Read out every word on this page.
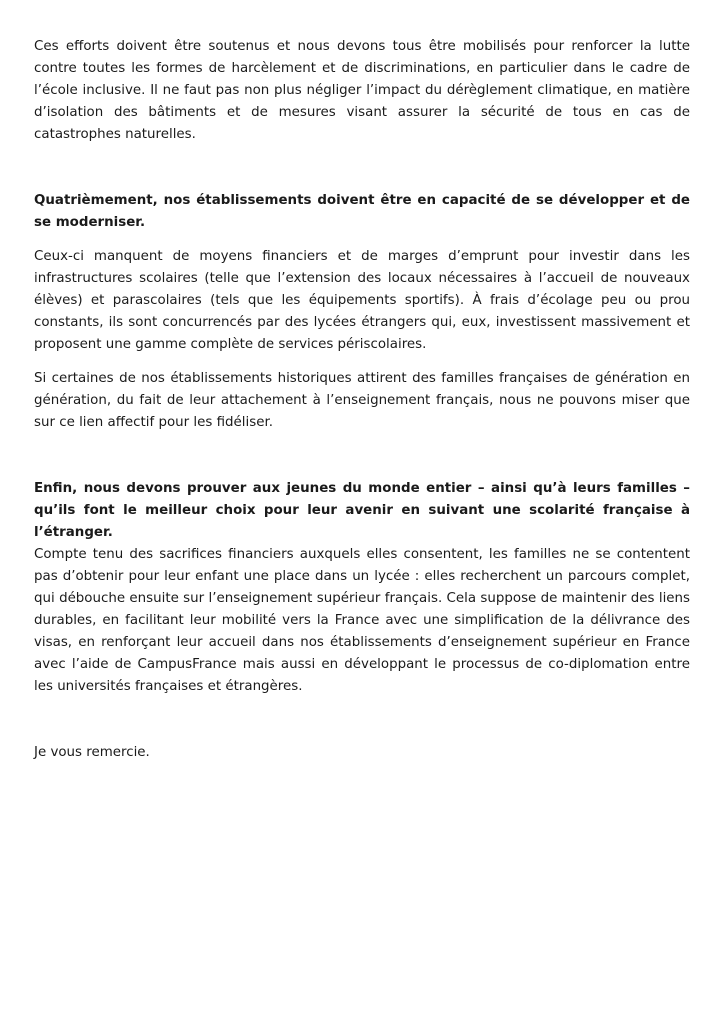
Ces efforts doivent être soutenus et nous devons tous être mobilisés pour renforcer la lutte contre toutes les formes de harcèlement et de discriminations, en particulier dans le cadre de l’école inclusive. Il ne faut pas non plus négliger l’impact du dérèglement climatique, en matière d’isolation des bâtiments et de mesures visant assurer la sécurité de tous en cas de catastrophes naturelles.

Quatrièmement, nos établissements doivent être en capacité de se développer et de se moderniser.

Ceux-ci manquent de moyens financiers et de marges d’emprunt pour investir dans les infrastructures scolaires (telle que l’extension des locaux nécessaires à l’accueil de nouveaux élèves) et parascolaires (tels que les équipements sportifs). À frais d’écolage peu ou prou constants, ils sont concurrencés par des lycées étrangers qui, eux, investissent massivement et proposent une gamme complète de services périscolaires.

Si certaines de nos établissements historiques attirent des familles françaises de génération en génération, du fait de leur attachement à l’enseignement français, nous ne pouvons miser que sur ce lien affectif pour les fidéliser.

Enfin, nous devons prouver aux jeunes du monde entier – ainsi qu’à leurs familles – qu’ils font le meilleur choix pour leur avenir en suivant une scolarité française à l’étranger.

Compte tenu des sacrifices financiers auxquels elles consentent, les familles ne se contentent pas d’obtenir pour leur enfant une place dans un lycée : elles recherchent un parcours complet, qui débouche ensuite sur l’enseignement supérieur français. Cela suppose de maintenir des liens durables, en facilitant leur mobilité vers la France avec une simplification de la délivrance des visas, en renforçant leur accueil dans nos établissements d’enseignement supérieur en France avec l’aide de CampusFrance mais aussi en développant le processus de co-diplomation entre les universités françaises et étrangères.

Je vous remercie.
